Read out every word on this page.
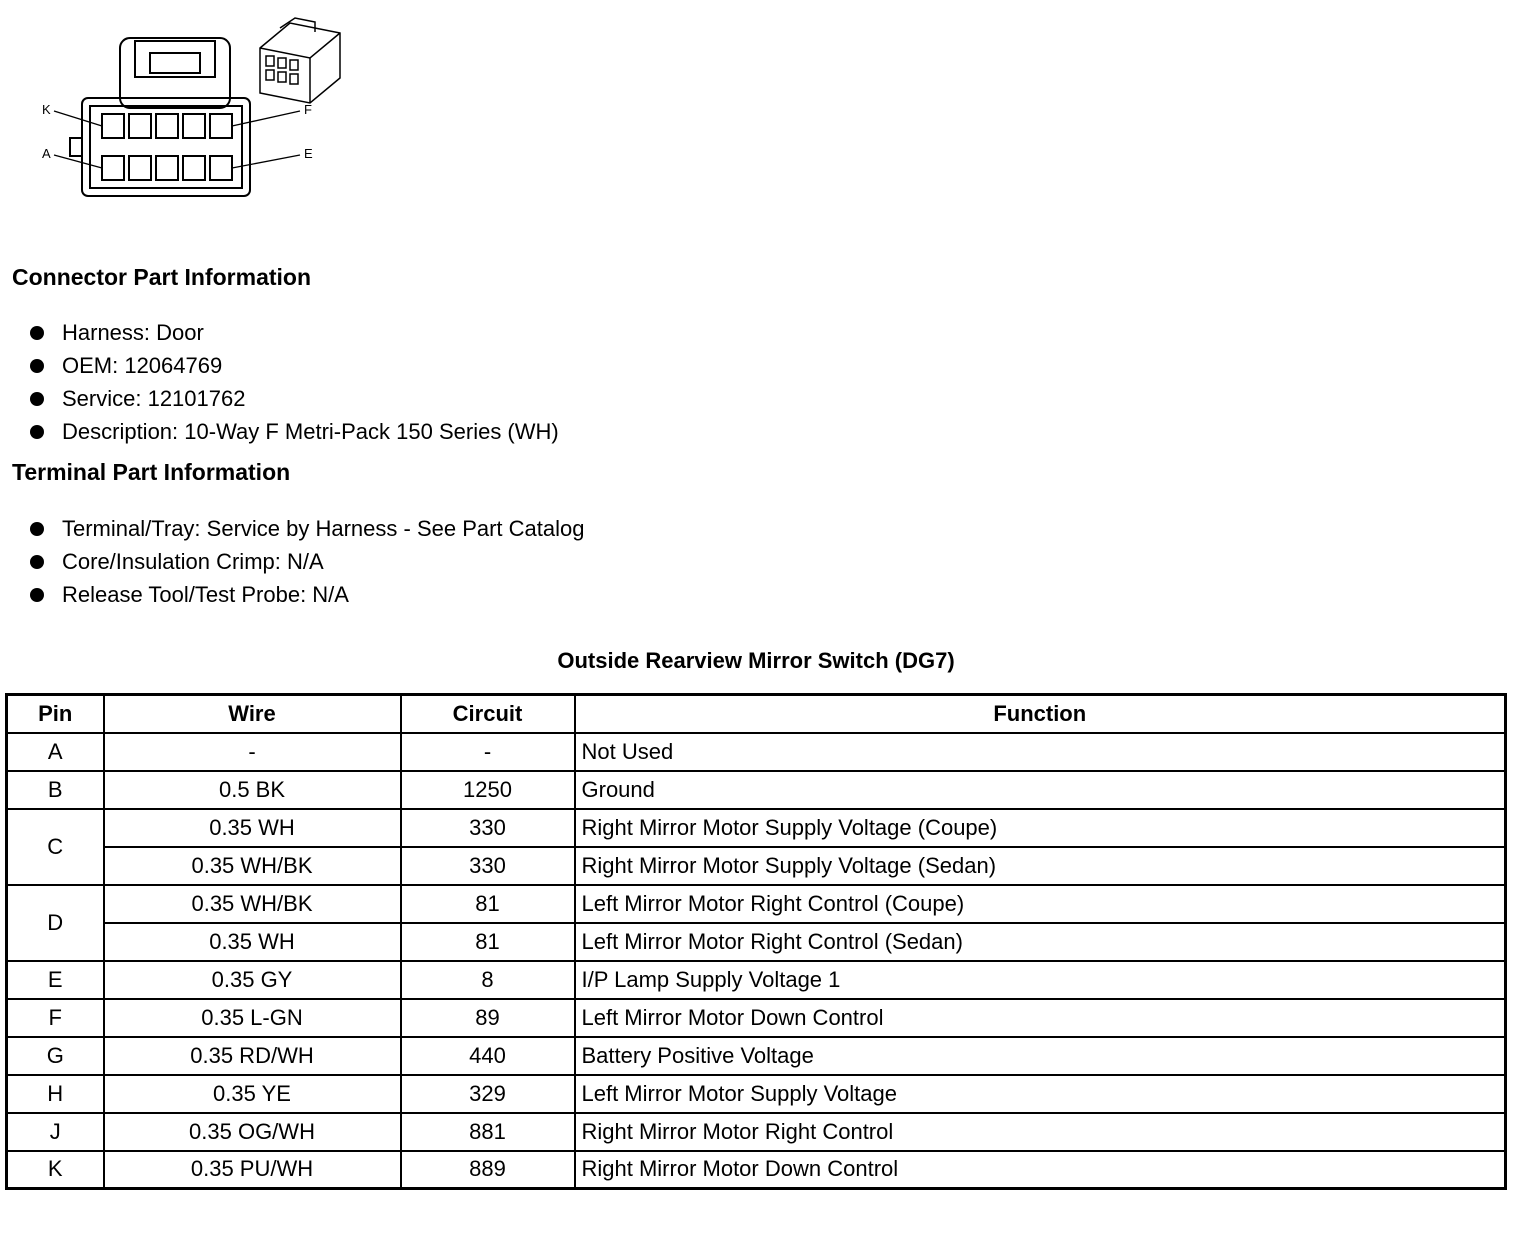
K
A
F
E
Connector Part Information
Harness: Door
OEM: 12064769
Service: 12101762
Description: 10-Way F Metri-Pack 150 Series (WH)
Terminal Part Information
Terminal/Tray: Service by Harness - See Part Catalog
Core/Insulation Crimp: N/A
Release Tool/Test Probe: N/A
Outside Rearview Mirror Switch (DG7)
Pin	Wire	Circuit	Function
A	-	-	Not Used
B	0.5 BK	1250	Ground
C	0.35 WH	330	Right Mirror Motor Supply Voltage (Coupe)
	0.35 WH/BK	330	Right Mirror Motor Supply Voltage (Sedan)
D	0.35 WH/BK	81	Left Mirror Motor Right Control (Coupe)
	0.35 WH	81	Left Mirror Motor Right Control (Sedan)
E	0.35 GY	8	I/P Lamp Supply Voltage 1
F	0.35 L-GN	89	Left Mirror Motor Down Control
G	0.35 RD/WH	440	Battery Positive Voltage
H	0.35 YE	329	Left Mirror Motor Supply Voltage
J	0.35 OG/WH	881	Right Mirror Motor Right Control
K	0.35 PU/WH	889	Right Mirror Motor Down Control
